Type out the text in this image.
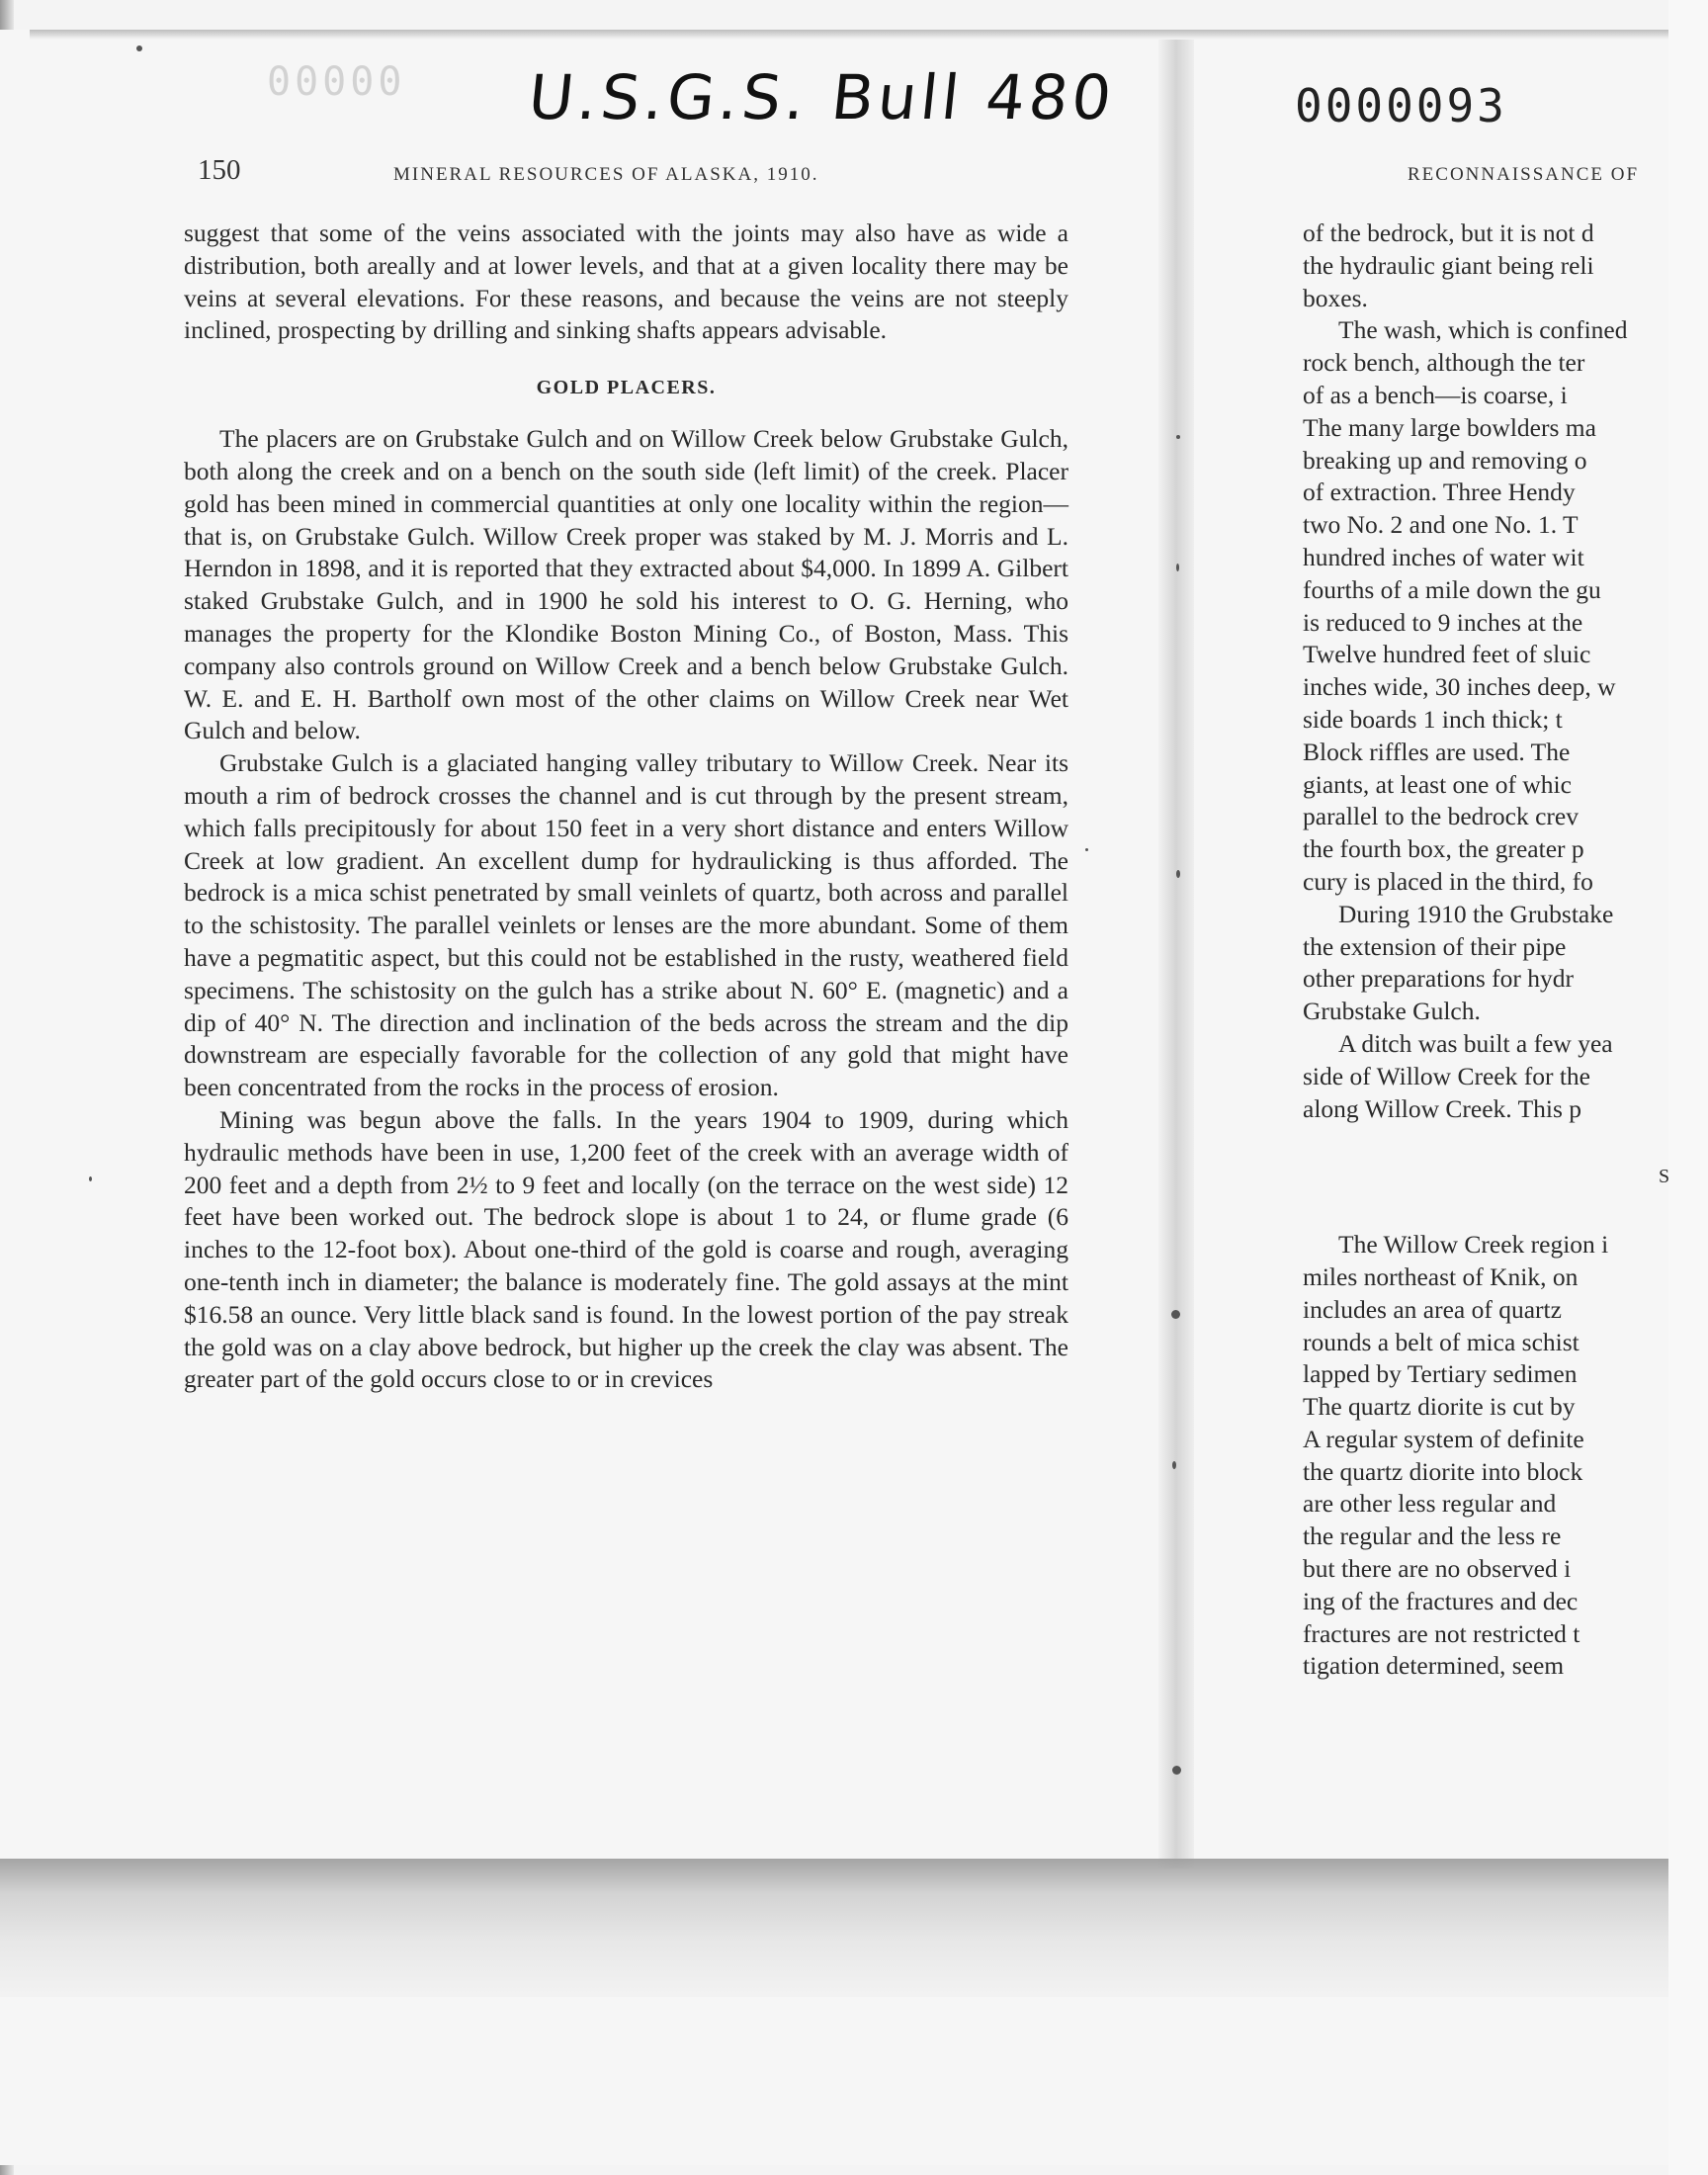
00000 U.S.G.S. Bull 480	0000093
150	MINERAL RESOURCES OF ALASKA, 1910.

suggest that some of the veins associated with the joints may also have as wide a distribution, both areally and at lower levels, and that at a given locality there may be veins at several elevations. For these reasons, and because the veins are not steeply inclined, prospecting by drilling and sinking shafts appears advisable.

GOLD PLACERS.

The placers are on Grubstake Gulch and on Willow Creek below Grubstake Gulch, both along the creek and on a bench on the south side (left limit) of the creek. Placer gold has been mined in commercial quantities at only one locality within the region—that is, on Grubstake Gulch. Willow Creek proper was staked by M. J. Morris and L. Herndon in 1898, and it is reported that they extracted about $4,000. In 1899 A. Gilbert staked Grubstake Gulch, and in 1900 he sold his interest to O. G. Herning, who manages the property for the Klondike Boston Mining Co., of Boston, Mass. This company also controls ground on Willow Creek and a bench below Grubstake Gulch. W. E. and E. H. Bartholf own most of the other claims on Willow Creek near Wet Gulch and below.

Grubstake Gulch is a glaciated hanging valley tributary to Willow Creek. Near its mouth a rim of bedrock crosses the channel and is cut through by the present stream, which falls precipitously for about 150 feet in a very short distance and enters Willow Creek at low gradient. An excellent dump for hydraulicking is thus afforded. The bedrock is a mica schist penetrated by small veinlets of quartz, both across and parallel to the schistosity. The parallel veinlets or lenses are the more abundant. Some of them have a pegmatitic aspect, but this could not be established in the rusty, weathered field specimens. The schistosity on the gulch has a strike about N. 60° E. (magnetic) and a dip of 40° N. The direction and inclination of the beds across the stream and the dip downstream are especially favorable for the collection of any gold that might have been concentrated from the rocks in the process of erosion.

Mining was begun above the falls. In the years 1904 to 1909, during which hydraulic methods have been in use, 1,200 feet of the creek with an average width of 200 feet and a depth from 2½ to 9 feet and locally (on the terrace on the west side) 12 feet have been worked out. The bedrock slope is about 1 to 24, or flume grade (6 inches to the 12-foot box). About one-third of the gold is coarse and rough, averaging one-tenth inch in diameter; the balance is moderately fine. The gold assays at the mint $16.58 an ounce. Very little black sand is found. In the lowest portion of the pay streak the gold was on a clay above bedrock, but higher up the creek the clay was absent. The greater part of the gold occurs close to or in crevices

RECONNAISSANCE OF
of the bedrock, but it is not d
the hydraulic giant being reli
boxes.
The wash, which is confined
rock bench, although the ter
of as a bench—is coarse, i
The many large bowlders ma
breaking up and removing o
of extraction. Three Hendy
two No. 2 and one No. 1. T
hundred inches of water wit
fourths of a mile down the gu
is reduced to 9 inches at the
Twelve hundred feet of sluic
inches wide, 30 inches deep, w
side boards 1 inch thick; t
Block riffles are used. The
giants, at least one of whic
parallel to the bedrock crev
the fourth box, the greater p
cury is placed in the third, fo
During 1910 the Grubstake
the extension of their pipe
other preparations for hydr
Grubstake Gulch.
A ditch was built a few yea
side of Willow Creek for the
along Willow Creek. This p
S
The Willow Creek region i
miles northeast of Knik, on
includes an area of quartz
rounds a belt of mica schist
lapped by Tertiary sedimen
The quartz diorite is cut by
A regular system of definite
the quartz diorite into block
are other less regular and
the regular and the less re
but there are no observed i
ing of the fractures and dec
fractures are not restricted t
tigation determined, seem
